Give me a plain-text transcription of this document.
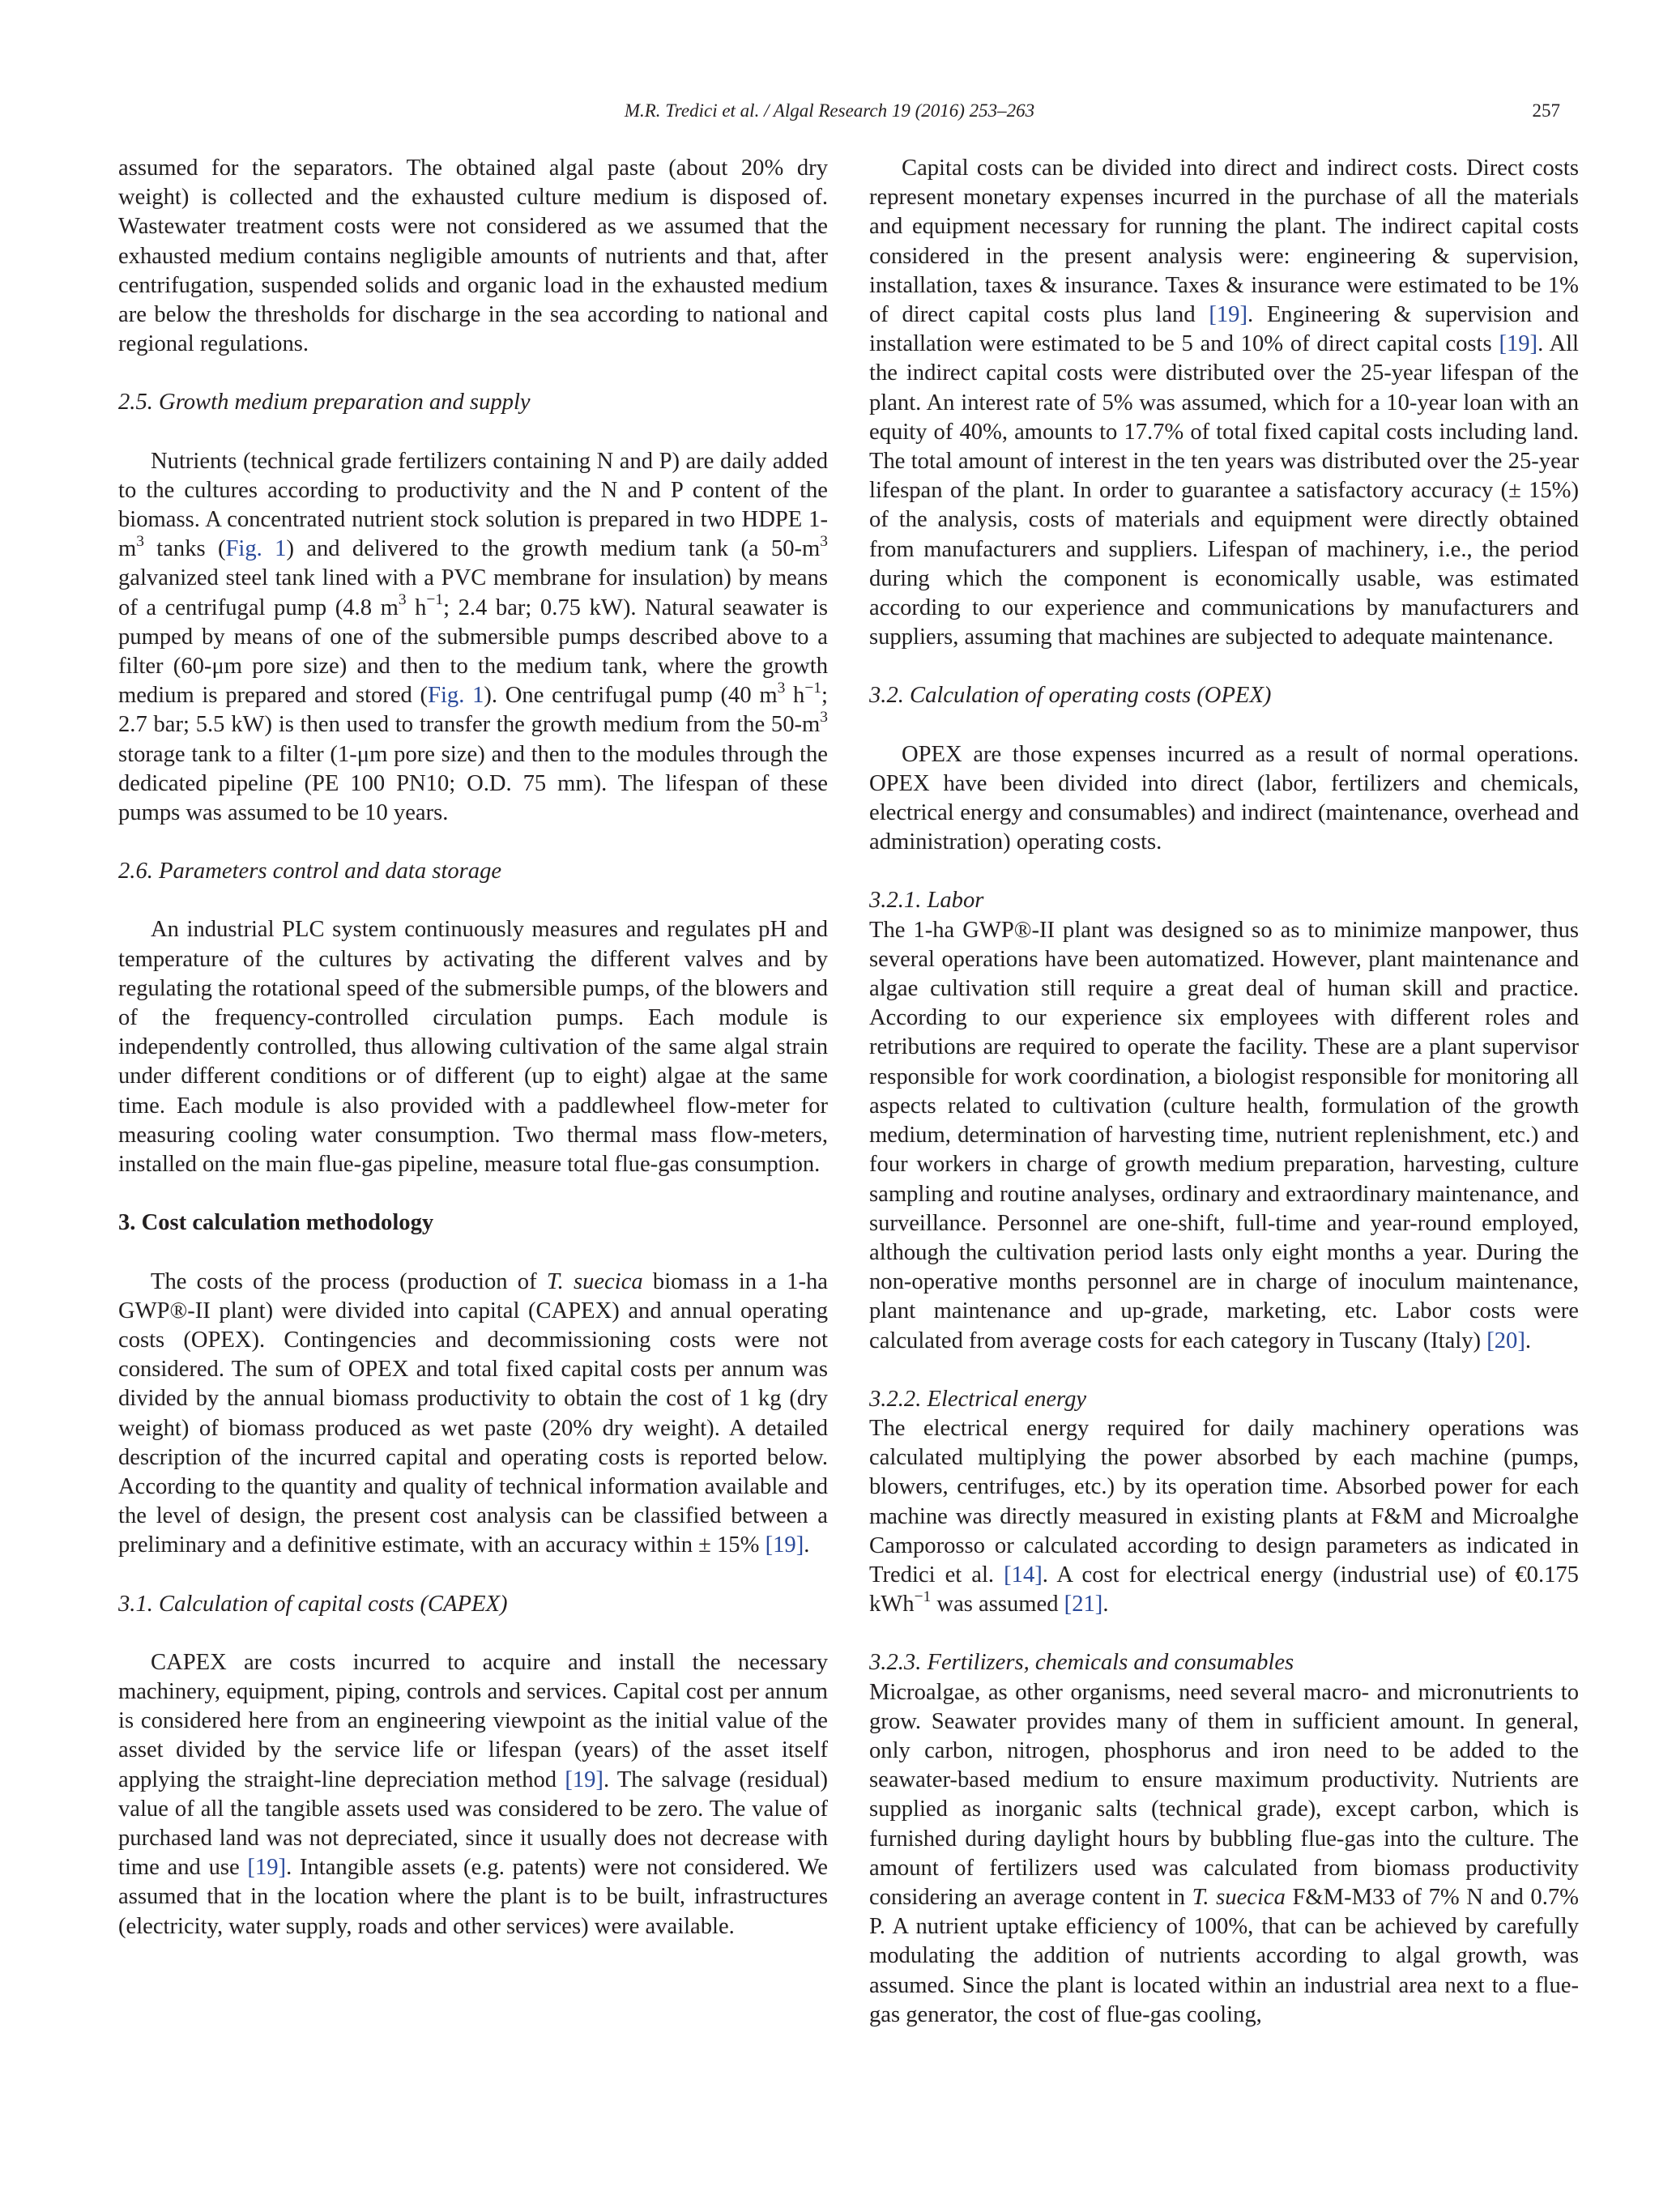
M.R. Tredici et al. / Algal Research 19 (2016) 253–263	257

assumed for the separators. The obtained algal paste (about 20% dry weight) is collected and the exhausted culture medium is disposed of. Wastewater treatment costs were not considered as we assumed that the exhausted medium contains negligible amounts of nutrients and that, after centrifugation, suspended solids and organic load in the exhausted medium are below the thresholds for discharge in the sea according to national and regional regulations.

2.5. Growth medium preparation and supply

Nutrients (technical grade fertilizers containing N and P) are daily added to the cultures according to productivity and the N and P content of the biomass. A concentrated nutrient stock solution is prepared in two HDPE $1-m^3$ tanks (Fig. 1) and delivered to the growth medium tank (a $50-m^3$ galvanized steel tank lined with a PVC membrane for insulation) by means of a centrifugal pump (4.8 $m^3$ $h^{-1}$; 2.4 bar; 0.75 kW). Natural seawater is pumped by means of one of the submersible pumps described above to a filter (60-μm pore size) and then to the medium tank, where the growth medium is prepared and stored (Fig. 1). One centrifugal pump (40 $m^3$ $h^{-1}$; 2.7 bar; 5.5 kW) is then used to transfer the growth medium from the $50-m^3$ storage tank to a filter (1-μm pore size) and then to the modules through the dedicated pipeline (PE 100 PN10; O.D. 75 mm). The lifespan of these pumps was assumed to be 10 years.

2.6. Parameters control and data storage

An industrial PLC system continuously measures and regulates pH and temperature of the cultures by activating the different valves and by regulating the rotational speed of the submersible pumps, of the blowers and of the frequency-controlled circulation pumps. Each module is independently controlled, thus allowing cultivation of the same algal strain under different conditions or of different (up to eight) algae at the same time. Each module is also provided with a paddlewheel flow-meter for measuring cooling water consumption. Two thermal mass flow-meters, installed on the main flue-gas pipeline, measure total flue-gas consumption.

3. Cost calculation methodology

The costs of the process (production of T. suecica biomass in a 1-ha GWP®-II plant) were divided into capital (CAPEX) and annual operating costs (OPEX). Contingencies and decommissioning costs were not considered. The sum of OPEX and total fixed capital costs per annum was divided by the annual biomass productivity to obtain the cost of 1 kg (dry weight) of biomass produced as wet paste (20% dry weight). A detailed description of the incurred capital and operating costs is reported below. According to the quantity and quality of technical information available and the level of design, the present cost analysis can be classified between a preliminary and a definitive estimate, with an accuracy within ± 15% [19].

3.1. Calculation of capital costs (CAPEX)

CAPEX are costs incurred to acquire and install the necessary machinery, equipment, piping, controls and services. Capital cost per annum is considered here from an engineering viewpoint as the initial value of the asset divided by the service life or lifespan (years) of the asset itself applying the straight-line depreciation method [19]. The salvage (residual) value of all the tangible assets used was considered to be zero. The value of purchased land was not depreciated, since it usually does not decrease with time and use [19]. Intangible assets (e.g. patents) were not considered. We assumed that in the location where the plant is to be built, infrastructures (electricity, water supply, roads and other services) were available.

Capital costs can be divided into direct and indirect costs. Direct costs represent monetary expenses incurred in the purchase of all the materials and equipment necessary for running the plant. The indirect capital costs considered in the present analysis were: engineering & supervision, installation, taxes & insurance. Taxes & insurance were estimated to be 1% of direct capital costs plus land [19]. Engineering & supervision and installation were estimated to be 5 and 10% of direct capital costs [19]. All the indirect capital costs were distributed over the 25-year lifespan of the plant. An interest rate of 5% was assumed, which for a 10-year loan with an equity of 40%, amounts to 17.7% of total fixed capital costs including land. The total amount of interest in the ten years was distributed over the 25-year lifespan of the plant. In order to guarantee a satisfactory accuracy (± 15%) of the analysis, costs of materials and equipment were directly obtained from manufacturers and suppliers. Lifespan of machinery, i.e., the period during which the component is economically usable, was estimated according to our experience and communications by manufacturers and suppliers, assuming that machines are subjected to adequate maintenance.

3.2. Calculation of operating costs (OPEX)

OPEX are those expenses incurred as a result of normal operations. OPEX have been divided into direct (labor, fertilizers and chemicals, electrical energy and consumables) and indirect (maintenance, overhead and administration) operating costs.

3.2.1. Labor

The 1-ha GWP®-II plant was designed so as to minimize manpower, thus several operations have been automatized. However, plant maintenance and algae cultivation still require a great deal of human skill and practice. According to our experience six employees with different roles and retributions are required to operate the facility. These are a plant supervisor responsible for work coordination, a biologist responsible for monitoring all aspects related to cultivation (culture health, formulation of the growth medium, determination of harvesting time, nutrient replenishment, etc.) and four workers in charge of growth medium preparation, harvesting, culture sampling and routine analyses, ordinary and extraordinary maintenance, and surveillance. Personnel are one-shift, full-time and year-round employed, although the cultivation period lasts only eight months a year. During the non-operative months personnel are in charge of inoculum maintenance, plant maintenance and up-grade, marketing, etc. Labor costs were calculated from average costs for each category in Tuscany (Italy) [20].

3.2.2. Electrical energy

The electrical energy required for daily machinery operations was calculated multiplying the power absorbed by each machine (pumps, blowers, centrifuges, etc.) by its operation time. Absorbed power for each machine was directly measured in existing plants at F&M and Microalghe Camporosso or calculated according to design parameters as indicated in Tredici et al. [14]. A cost for electrical energy (industrial use) of €0.175 kWh$^{-1}$ was assumed [21].

3.2.3. Fertilizers, chemicals and consumables

Microalgae, as other organisms, need several macro- and micronutrients to grow. Seawater provides many of them in sufficient amount. In general, only carbon, nitrogen, phosphorus and iron need to be added to the seawater-based medium to ensure maximum productivity. Nutrients are supplied as inorganic salts (technical grade), except carbon, which is furnished during daylight hours by bubbling flue-gas into the culture. The amount of fertilizers used was calculated from biomass productivity considering an average content in T. suecica F&M-M33 of 7% N and 0.7% P. A nutrient uptake efficiency of 100%, that can be achieved by carefully modulating the addition of nutrients according to algal growth, was assumed. Since the plant is located within an industrial area next to a flue-gas generator, the cost of flue-gas cooling,
